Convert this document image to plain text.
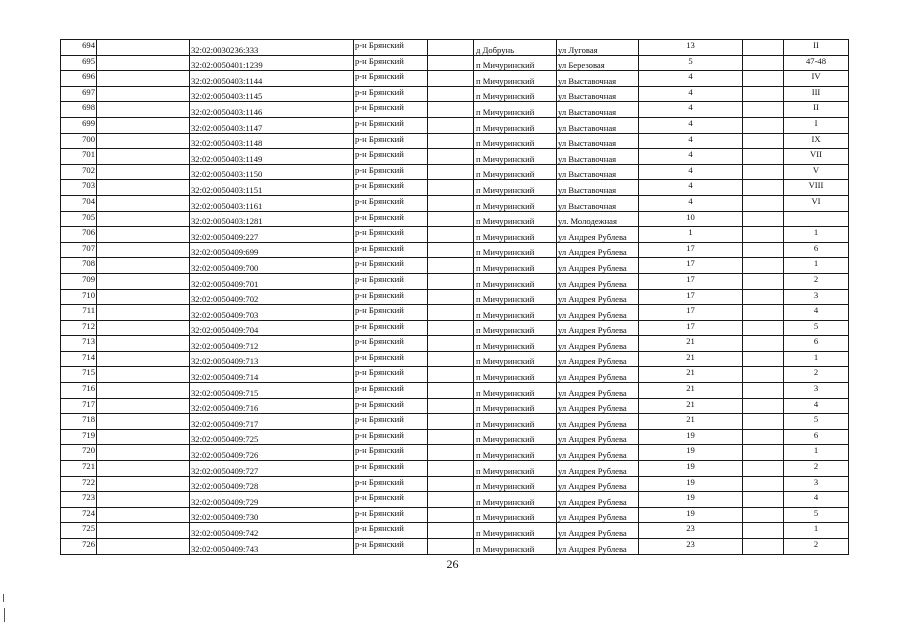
694		32:02:0030236:333	р-н Брянский		д Добрунь	ул Луговая	13		II
695		32:02:0050401:1239	р-н Брянский		п Мичуринский	ул Березовая	5		47-48
696		32:02:0050403:1144	р-н Брянский		п Мичуринский	ул Выставочная	4		IV
697		32:02:0050403:1145	р-н Брянский		п Мичуринский	ул Выставочная	4		III
698		32:02:0050403:1146	р-н Брянский		п Мичуринский	ул Выставочная	4		II
699		32:02:0050403:1147	р-н Брянский		п Мичуринский	ул Выставочная	4		I
700		32:02:0050403:1148	р-н Брянский		п Мичуринский	ул Выставочная	4		IX
701		32:02:0050403:1149	р-н Брянский		п Мичуринский	ул Выставочная	4		VII
702		32:02:0050403:1150	р-н Брянский		п Мичуринский	ул Выставочная	4		V
703		32:02:0050403:1151	р-н Брянский		п Мичуринский	ул Выставочная	4		VIII
704		32:02:0050403:1161	р-н Брянский		п Мичуринский	ул Выставочная	4		VI
705		32:02:0050403:1281	р-н Брянский		п Мичуринский	ул. Молодежная	10		
706		32:02:0050409:227	р-н Брянский		п Мичуринский	ул Андрея Рублева	1		1
707		32:02:0050409:699	р-н Брянский		п Мичуринский	ул Андрея Рублева	17		6
708		32:02:0050409:700	р-н Брянский		п Мичуринский	ул Андрея Рублева	17		1
709		32:02:0050409:701	р-н Брянский		п Мичуринский	ул Андрея Рублева	17		2
710		32:02:0050409:702	р-н Брянский		п Мичуринский	ул Андрея Рублева	17		3
711		32:02:0050409:703	р-н Брянский		п Мичуринский	ул Андрея Рублева	17		4
712		32:02:0050409:704	р-н Брянский		п Мичуринский	ул Андрея Рублева	17		5
713		32:02:0050409:712	р-н Брянский		п Мичуринский	ул Андрея Рублева	21		6
714		32:02:0050409:713	р-н Брянский		п Мичуринский	ул Андрея Рублева	21		1
715		32:02:0050409:714	р-н Брянский		п Мичуринский	ул Андрея Рублева	21		2
716		32:02:0050409:715	р-н Брянский		п Мичуринский	ул Андрея Рублева	21		3
717		32:02:0050409:716	р-н Брянский		п Мичуринский	ул Андрея Рублева	21		4
718		32:02:0050409:717	р-н Брянский		п Мичуринский	ул Андрея Рублева	21		5
719		32:02:0050409:725	р-н Брянский		п Мичуринский	ул Андрея Рублева	19		6
720		32:02:0050409:726	р-н Брянский		п Мичуринский	ул Андрея Рублева	19		1
721		32:02:0050409:727	р-н Брянский		п Мичуринский	ул Андрея Рублева	19		2
722		32:02:0050409:728	р-н Брянский		п Мичуринский	ул Андрея Рублева	19		3
723		32:02:0050409:729	р-н Брянский		п Мичуринский	ул Андрея Рублева	19		4
724		32:02:0050409:730	р-н Брянский		п Мичуринский	ул Андрея Рублева	19		5
725		32:02:0050409:742	р-н Брянский		п Мичуринский	ул Андрея Рублева	23		1
726		32:02:0050409:743	р-н Брянский		п Мичуринский	ул Андрея Рублева	23		2
26
